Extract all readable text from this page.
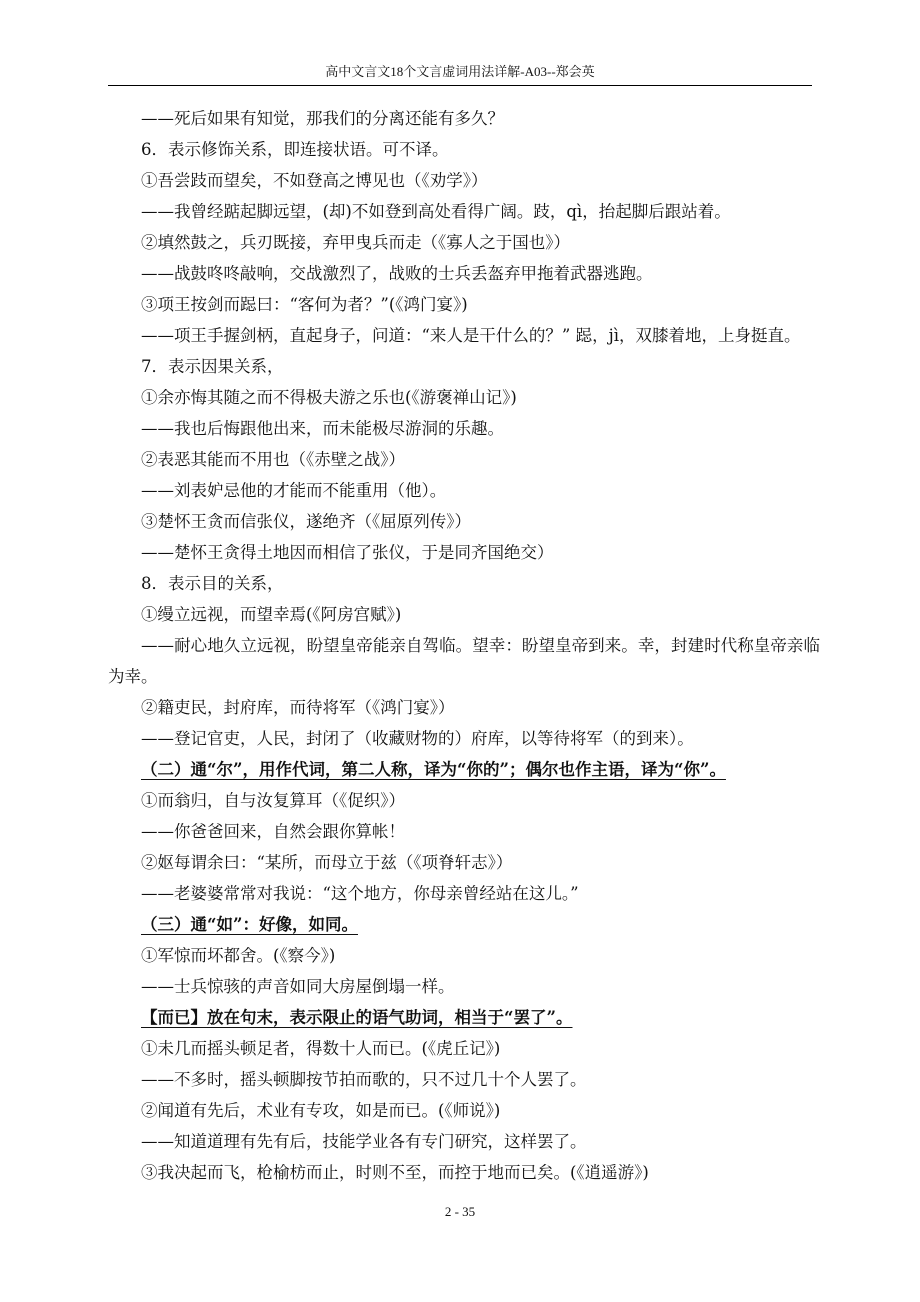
高中文言文18个文言虚词用法详解-A03--郑会英

——死后如果有知觉，那我们的分离还能有多久？

6．表示修饰关系，即连接状语。可不译。

①吾尝跂而望矣，不如登高之博见也（《劝学》）

——我曾经踮起脚远望，(却)不如登到高处看得广阔。跂，qì，抬起脚后跟站着。

②填然鼓之，兵刃既接，弃甲曳兵而走（《寡人之于国也》）

——战鼓咚咚敲响，交战激烈了，战败的士兵丢盔弃甲拖着武器逃跑。

③项王按剑而跽曰：“客何为者？”(《鸿门宴》)

——项王手握剑柄，直起身子，问道：“来人是干什么的？” 跽，jì，双膝着地，上身挺直。

7．表示因果关系，

①余亦悔其随之而不得极夫游之乐也(《游褒禅山记》)

——我也后悔跟他出来，而未能极尽游洞的乐趣。

②表恶其能而不用也（《赤壁之战》）

——刘表妒忌他的才能而不能重用（他）。

③楚怀王贪而信张仪，遂绝齐（《屈原列传》）

——楚怀王贪得土地因而相信了张仪，于是同齐国绝交）

8．表示目的关系，

①缦立远视，而望幸焉(《阿房宫赋》)

——耐心地久立远视，盼望皇帝能亲自驾临。望幸：盼望皇帝到来。幸，封建时代称皇帝亲临为幸。

②籍吏民，封府库，而待将军（《鸿门宴》）

——登记官吏，人民，封闭了（收藏财物的）府库，以等待将军（的到来）。

（二）通“尔”，用作代词，第二人称，译为“你的”；偶尔也作主语，译为“你”。

①而翁归，自与汝复算耳（《促织》）

——你爸爸回来，自然会跟你算帐！

②妪每谓余曰：“某所，而母立于兹（《项脊轩志》）

——老婆婆常常对我说：“这个地方，你母亲曾经站在这儿。”

（三）通“如”：好像，如同。

①军惊而坏都舍。(《察今》)

——士兵惊骇的声音如同大房屋倒塌一样。

【而已】放在句末，表示限止的语气助词，相当于“罢了”。

①未几而摇头顿足者，得数十人而已。(《虎丘记》)

——不多时，摇头顿脚按节拍而歌的，只不过几十个人罢了。

②闻道有先后，术业有专攻，如是而已。(《师说》)

——知道道理有先有后，技能学业各有专门研究，这样罢了。

③我决起而飞，枪榆枋而止，时则不至，而控于地而已矣。(《逍遥游》)

2 - 35
